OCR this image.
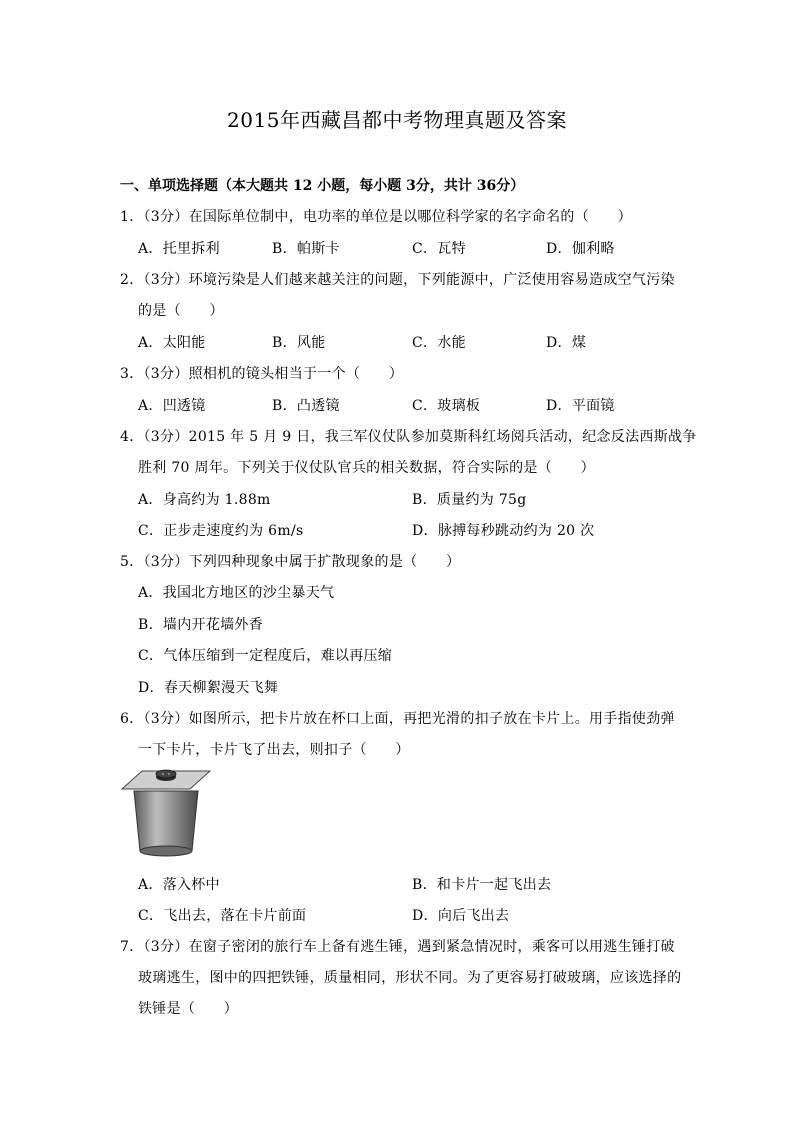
2015年西藏昌都中考物理真题及答案
一、单项选择题（本大题共 12 小题，每小题 3分，共计 36分）
1．（3分）在国际单位制中，电功率的单位是以哪位科学家的名字命名的（　　）
A．托里拆利	B．帕斯卡	C．瓦特	D．伽利略
2．（3分）环境污染是人们越来越关注的问题，下列能源中，广泛使用容易造成空气污染
的是（　　）
A．太阳能	B．风能	C．水能	D．煤
3．（3分）照相机的镜头相当于一个（　　）
A．凹透镜	B．凸透镜	C．玻璃板	D．平面镜
4．（3分）2015 年 5 月 9 日，我三军仪仗队参加莫斯科红场阅兵活动，纪念反法西斯战争
胜利 70 周年。下列关于仪仗队官兵的相关数据，符合实际的是（　　）
A．身高约为 1.88m	B．质量约为 75g
C．正步走速度约为 6m/s	D．脉搏每秒跳动约为 20 次
5．（3分）下列四种现象中属于扩散现象的是（　　）
A．我国北方地区的沙尘暴天气
B．墙内开花墙外香
C．气体压缩到一定程度后，难以再压缩
D．春天柳絮漫天飞舞
6．（3分）如图所示，把卡片放在杯口上面，再把光滑的扣子放在卡片上。用手指使劲弹
一下卡片，卡片飞了出去，则扣子（　　）
A．落入杯中	B．和卡片一起飞出去
C．飞出去，落在卡片前面	D．向后飞出去
7．（3分）在窗子密闭的旅行车上备有逃生锤，遇到紧急情况时，乘客可以用逃生锤打破
玻璃逃生，图中的四把铁锤，质量相同，形状不同。为了更容易打破玻璃，应该选择的
铁锤是（　　）
